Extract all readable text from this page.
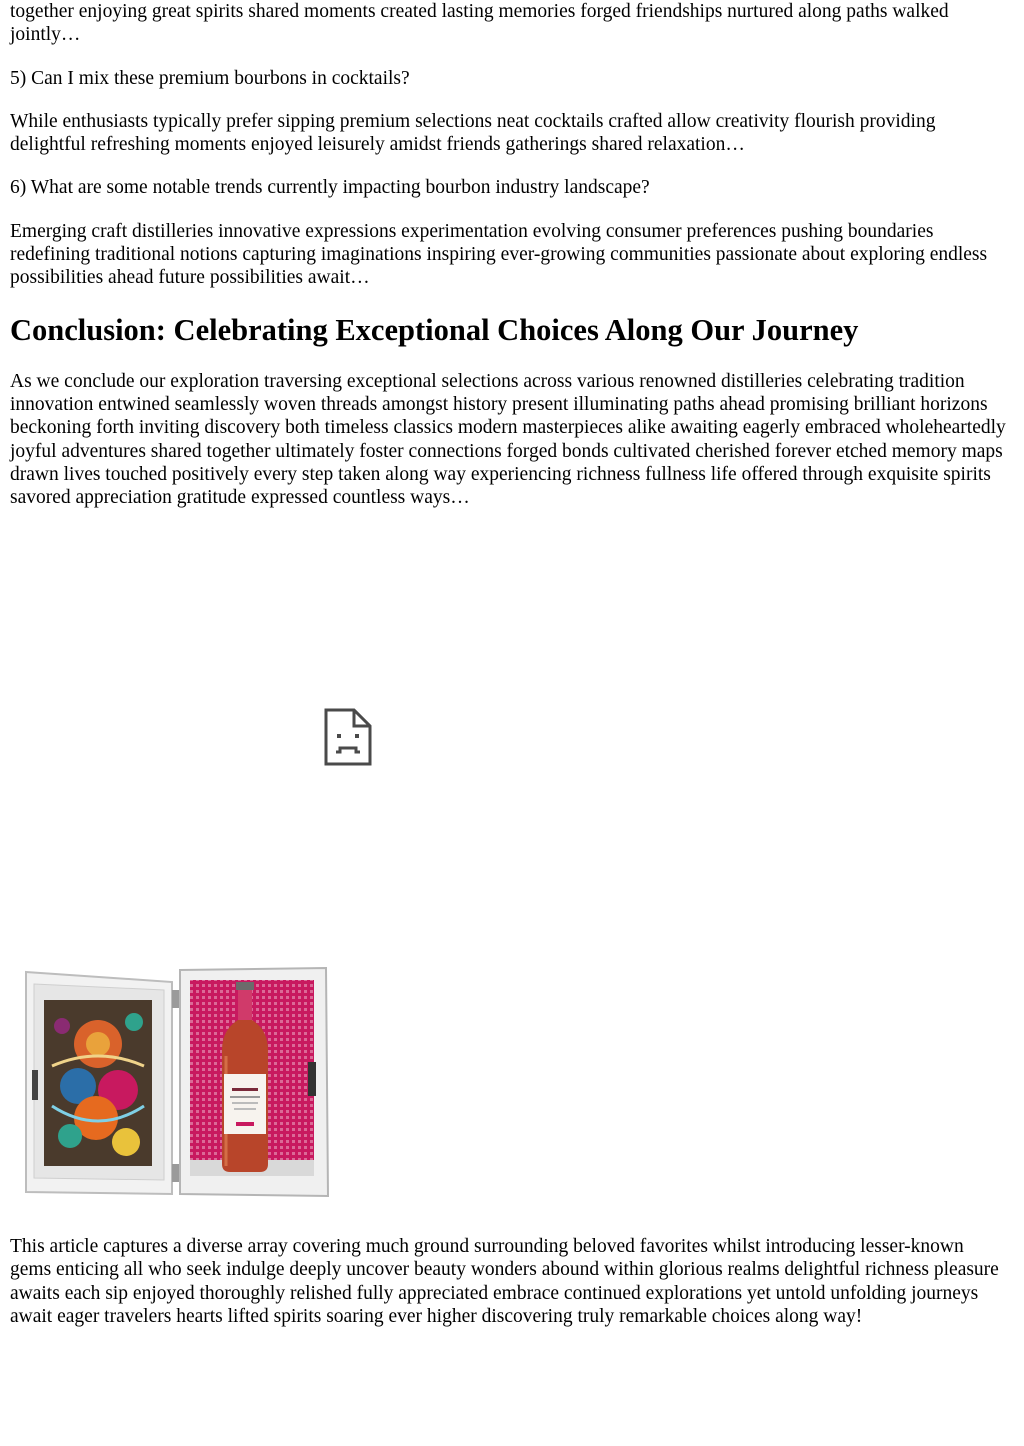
together enjoying great spirits shared moments created lasting memories forged friendships nurtured along paths walked jointly…

5) Can I mix these premium bourbons in cocktails?

While enthusiasts typically prefer sipping premium selections neat cocktails crafted allow creativity flourish providing delightful refreshing moments enjoyed leisurely amidst friends gatherings shared relaxation…

6) What are some notable trends currently impacting bourbon industry landscape?

Emerging craft distilleries innovative expressions experimentation evolving consumer preferences pushing boundaries redefining traditional notions capturing imaginations inspiring ever-growing communities passionate about exploring endless possibilities ahead future possibilities await…

Conclusion: Celebrating Exceptional Choices Along Our Journey

As we conclude our exploration traversing exceptional selections across various renowned distilleries celebrating tradition innovation entwined seamlessly woven threads amongst history present illuminating paths ahead promising brilliant horizons beckoning forth inviting discovery both timeless classics modern masterpieces alike awaiting eagerly embraced wholeheartedly joyful adventures shared together ultimately foster connections forged bonds cultivated cherished forever etched memory maps drawn lives touched positively every step taken along way experiencing richness fullness life offered through exquisite spirits savored appreciation gratitude expressed countless ways…

This article captures a diverse array covering much ground surrounding beloved favorites whilst introducing lesser-known gems enticing all who seek indulge deeply uncover beauty wonders abound within glorious realms delightful richness pleasure awaits each sip enjoyed thoroughly relished fully appreciated embrace continued explorations yet untold unfolding journeys await eager travelers hearts lifted spirits soaring ever higher discovering truly remarkable choices along way!
